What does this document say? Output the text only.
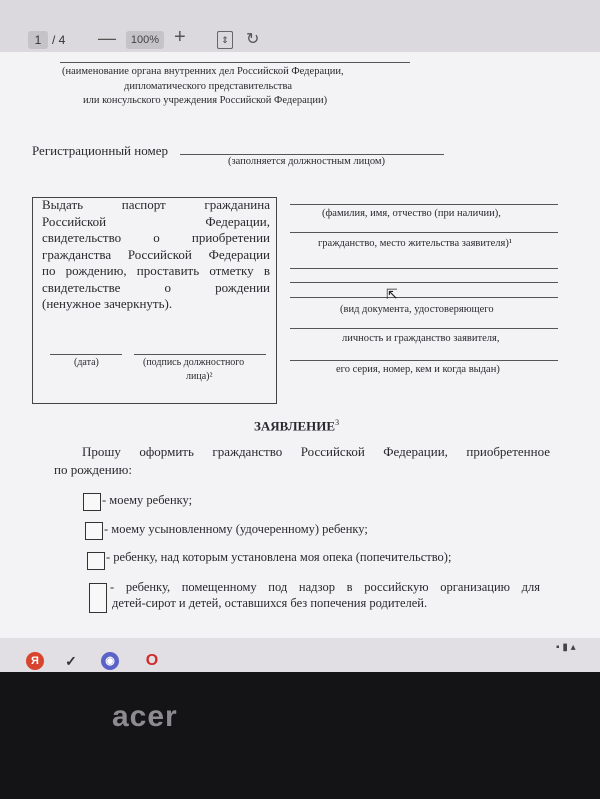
1 / 4 —	100% +	⇕ ↻
(наименование органа внутренних дел Российской Федерации,
дипломатического представительства
или консульского учреждения Российской Федерации)
Регистрационный номер
(заполняется должностным лицом)
Выдать паспорт гражданина
Российской Федерации,
свидетельство о приобретении
гражданства Российской Федерации
по рождению, проставить отметку в
свидетельстве о рождении
(ненужное зачеркнуть).
(дата)	(подпись должностного
лица)²
(фамилия, имя, отчество (при наличии),
гражданство, место жительства заявителя)¹
(вид документа, удостоверяющего
личность и гражданство заявителя,
его серия, номер, кем и когда выдан)
ЗАЯВЛЕНИЕ$^3$
Прошу оформить гражданство Российской Федерации, приобретенное
по рождению:
- моему ребенку;
- моему усыновленному (удочеренному) ребенку;
- ребенку, над которым установлена моя опека (попечительство);
- ребенку, помещенному под надзор в российскую организацию для
детей-сирот и детей, оставшихся без попечения родителей.
⇱
Я	✓	◉ O
▪ ▮ ▴
acer
